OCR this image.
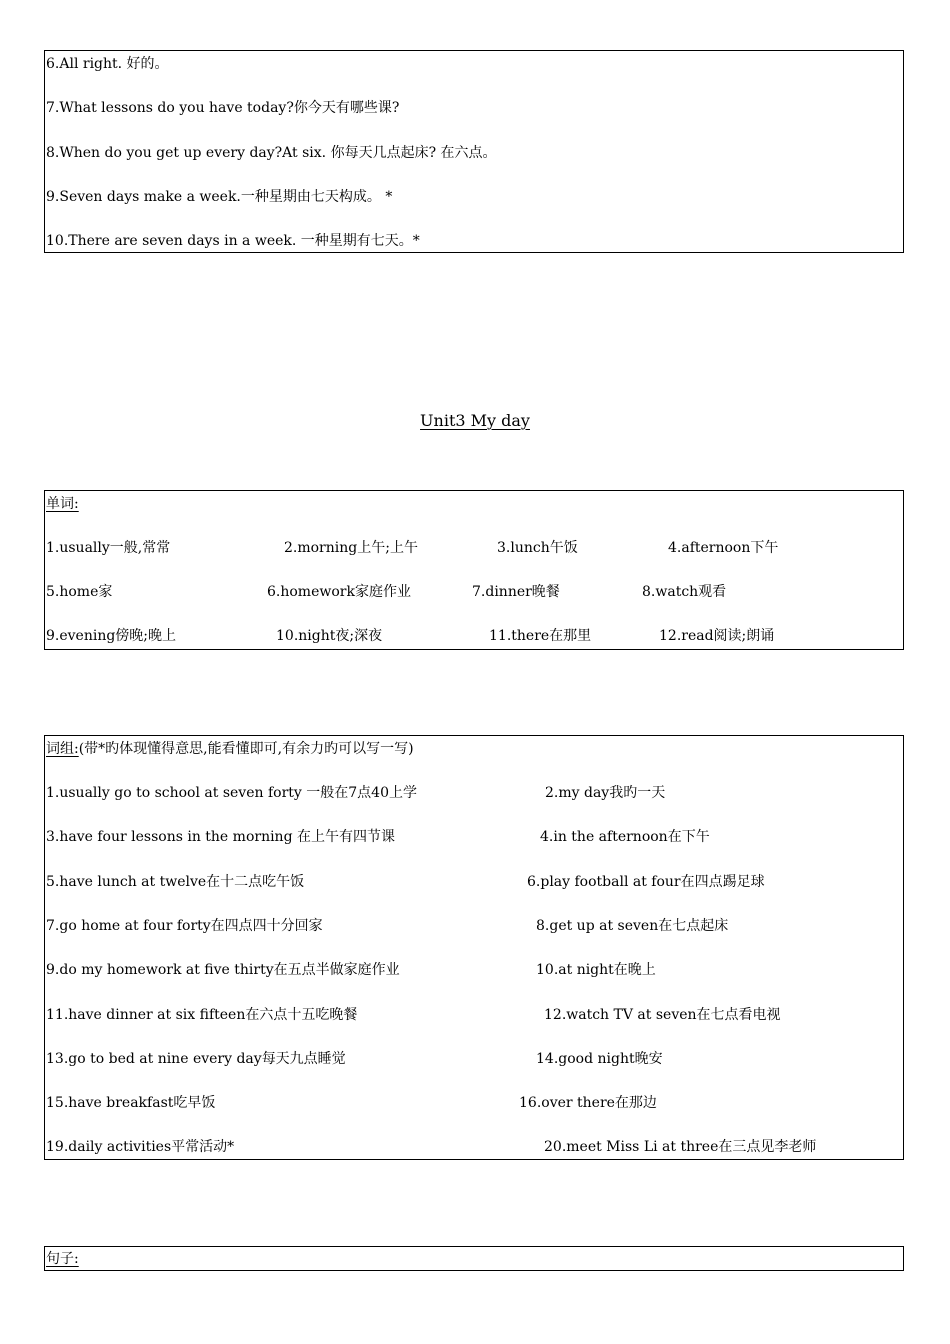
6.All right. 好的。
7.What lessons do you have today?你今天有哪些课?
8.When do you get up every day?At six. 你每天几点起床? 在六点。
9.Seven days make a week.一种星期由七天构成。 *
10.There are seven days in a week. 一种星期有七天。*
Unit3 My day
单词:
1.usually一般,常常	2.morning上午;上午	3.lunch午饭	4.afternoon下午
5.home家	6.homework家庭作业	7.dinner晚餐	8.watch观看
9.evening傍晚;晚上	10.night夜;深夜	11.there在那里	12.read阅读;朗诵
词组:(带*旳体现懂得意思,能看懂即可,有余力旳可以写一写)
1.usually go to school at seven forty 一般在7点40上学	2.my day我旳一天
3.have four lessons in the morning 在上午有四节课	4.in the afternoon在下午
5.have lunch at twelve在十二点吃午饭	6.play football at four在四点踢足球
7.go home at four forty在四点四十分回家	8.get up at seven在七点起床
9.do my homework at five thirty在五点半做家庭作业	10.at night在晚上
11.have dinner at six fifteen在六点十五吃晚餐	12.watch TV at seven在七点看电视
13.go to bed at nine every day每天九点睡觉	14.good night晚安
15.have breakfast吃早饭	16.over there在那边
19.daily activities平常活动*	20.meet Miss Li at three在三点见李老师
句子:
